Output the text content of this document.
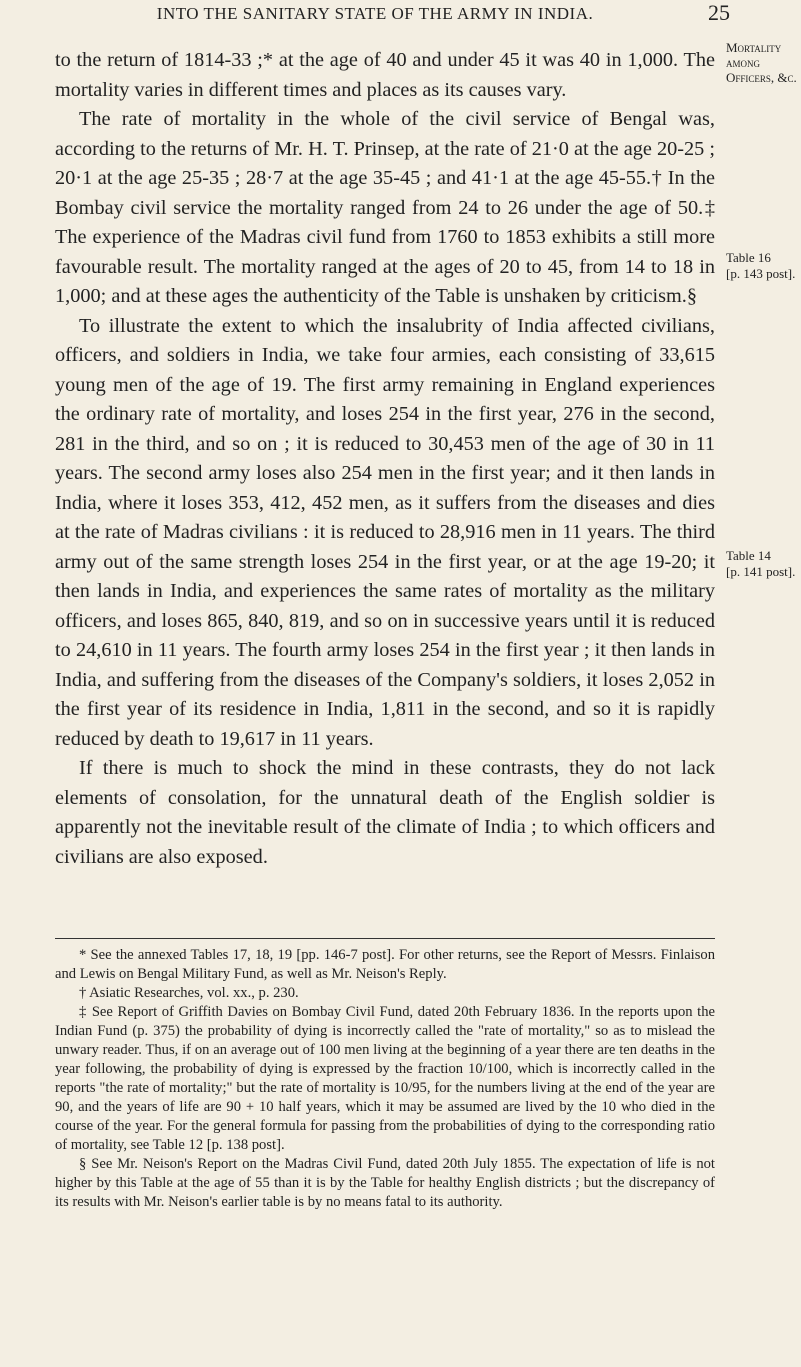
INTO THE SANITARY STATE OF THE ARMY IN INDIA.	25
Mortality among Officers, &c.
Table 16
[p. 143 post].
Table 14
[p. 141 post].

to the return of 1814-33 ;* at the age of 40 and under 45 it was 40 in 1,000. The mortality varies in different times and places as its causes vary.

The rate of mortality in the whole of the civil service of Bengal was, according to the returns of Mr. H. T. Prinsep, at the rate of 21·0 at the age 20-25 ; 20·1 at the age 25-35 ; 28·7 at the age 35-45 ; and 41·1 at the age 45-55.† In the Bombay civil service the mortality ranged from 24 to 26 under the age of 50.‡ The experience of the Madras civil fund from 1760 to 1853 exhibits a still more favourable result. The mortality ranged at the ages of 20 to 45, from 14 to 18 in 1,000; and at these ages the authenticity of the Table is unshaken by criticism.§

To illustrate the extent to which the insalubrity of India affected civilians, officers, and soldiers in India, we take four armies, each consisting of 33,615 young men of the age of 19. The first army remaining in England experiences the ordinary rate of mortality, and loses 254 in the first year, 276 in the second, 281 in the third, and so on ; it is reduced to 30,453 men of the age of 30 in 11 years. The second army loses also 254 men in the first year; and it then lands in India, where it loses 353, 412, 452 men, as it suffers from the diseases and dies at the rate of Madras civilians : it is reduced to 28,916 men in 11 years. The third army out of the same strength loses 254 in the first year, or at the age 19-20; it then lands in India, and experiences the same rates of mortality as the military officers, and loses 865, 840, 819, and so on in successive years until it is reduced to 24,610 in 11 years. The fourth army loses 254 in the first year ; it then lands in India, and suffering from the diseases of the Company's soldiers, it loses 2,052 in the first year of its residence in India, 1,811 in the second, and so it is rapidly reduced by death to 19,617 in 11 years.

If there is much to shock the mind in these contrasts, they do not lack elements of consolation, for the unnatural death of the English soldier is apparently not the inevitable result of the climate of India ; to which officers and civilians are also exposed.

* See the annexed Tables 17, 18, 19 [pp. 146-7 post]. For other returns, see the Report of Messrs. Finlaison and Lewis on Bengal Military Fund, as well as Mr. Neison's Reply.

† Asiatic Researches, vol. xx., p. 230.

‡ See Report of Griffith Davies on Bombay Civil Fund, dated 20th February 1836. In the reports upon the Indian Fund (p. 375) the probability of dying is incorrectly called the "rate of mortality," so as to mislead the unwary reader. Thus, if on an average out of 100 men living at the beginning of a year there are ten deaths in the year following, the probability of dying is expressed by the fraction 10/100, which is incorrectly called in the reports "the rate of mortality;" but the rate of mortality is 10/95, for the numbers living at the end of the year are 90, and the years of life are 90 + 10 half years, which it may be assumed are lived by the 10 who died in the course of the year. For the general formula for passing from the probabilities of dying to the corresponding ratio of mortality, see Table 12 [p. 138 post].

§ See Mr. Neison's Report on the Madras Civil Fund, dated 20th July 1855. The expectation of life is not higher by this Table at the age of 55 than it is by the Table for healthy English districts ; but the discrepancy of its results with Mr. Neison's earlier table is by no means fatal to its authority.
